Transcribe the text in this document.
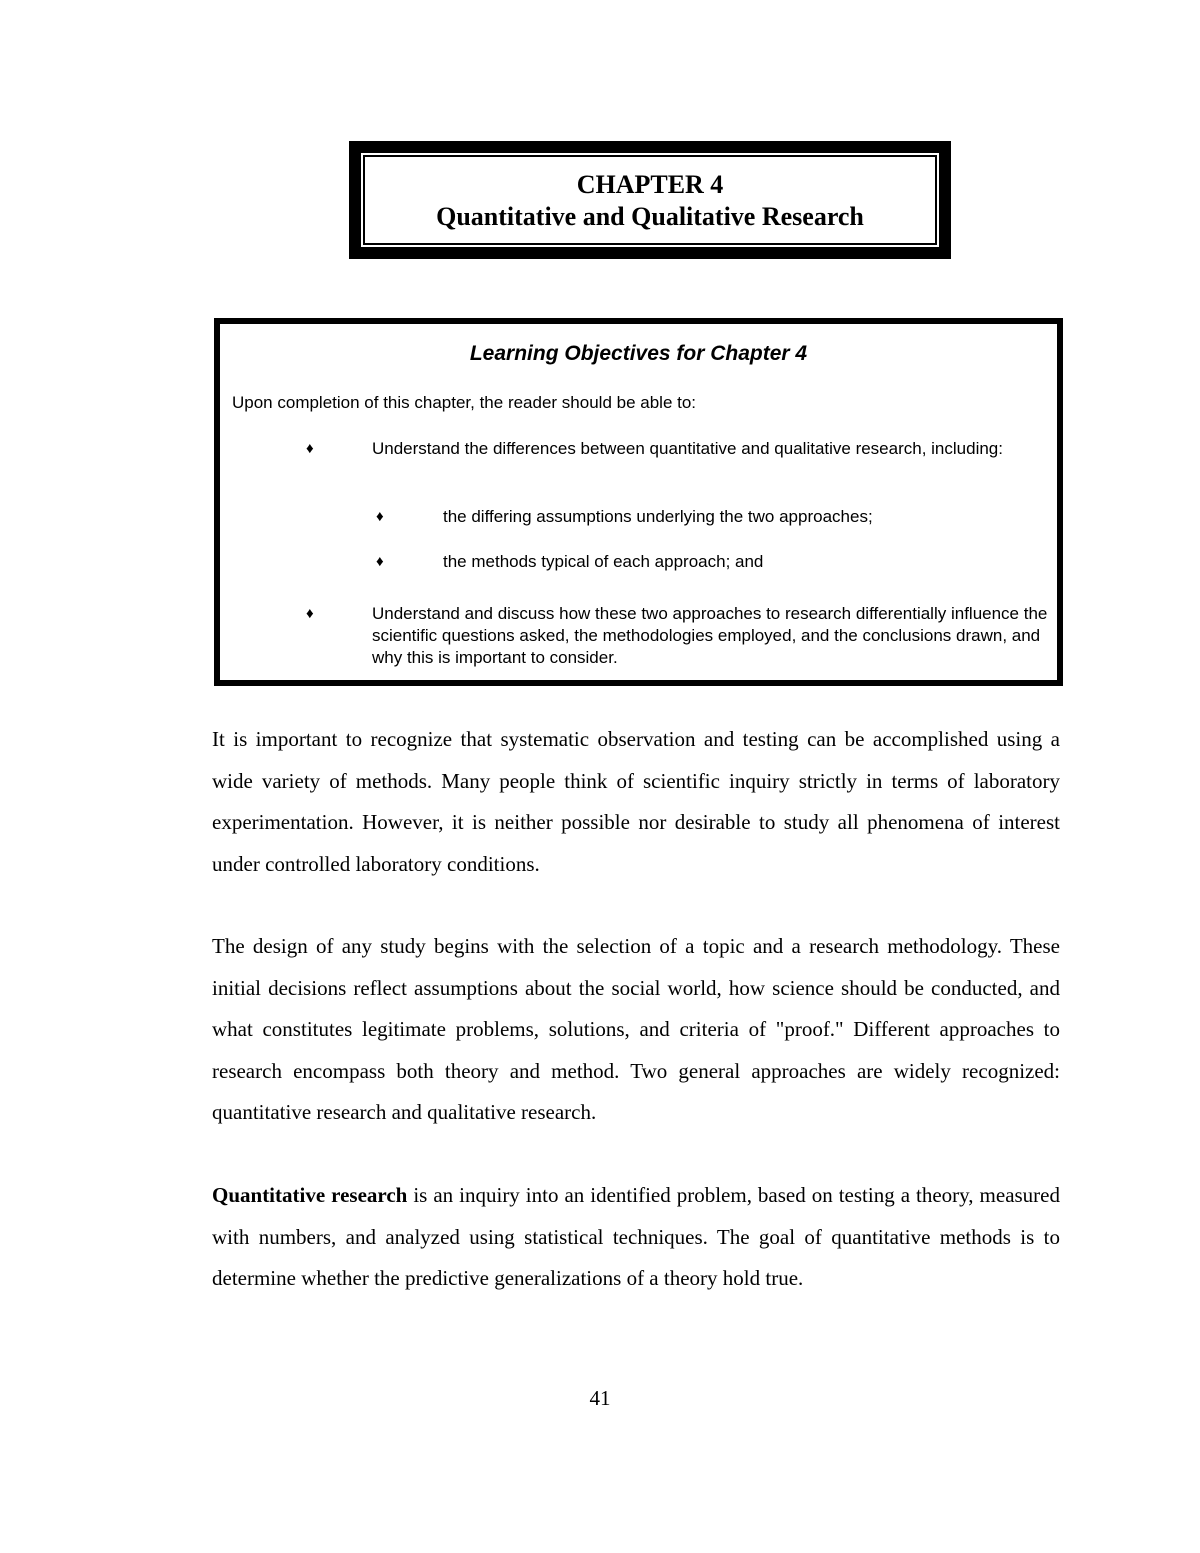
CHAPTER 4
Quantitative and Qualitative Research
Learning Objectives for Chapter 4
Upon completion of this chapter, the reader should be able to:
♦	Understand the differences between quantitative and qualitative research, including:
♦	the differing assumptions underlying the two approaches;
♦	the methods typical of each approach; and
♦	Understand and discuss how these two approaches to research differentially influence the scientific questions asked, the methodologies employed, and the conclusions drawn, and why this is important to consider.

It is important to recognize that systematic observation and testing can be accomplished using a wide variety of methods. Many people think of scientific inquiry strictly in terms of laboratory experimentation. However, it is neither possible nor desirable to study all phenomena of interest under controlled laboratory conditions.

The design of any study begins with the selection of a topic and a research methodology. These initial decisions reflect assumptions about the social world, how science should be conducted, and what constitutes legitimate problems, solutions, and criteria of "proof." Different approaches to research encompass both theory and method. Two general approaches are widely recognized: quantitative research and qualitative research.

Quantitative research is an inquiry into an identified problem, based on testing a theory, measured with numbers, and analyzed using statistical techniques. The goal of quantitative methods is to determine whether the predictive generalizations of a theory hold true.

41
